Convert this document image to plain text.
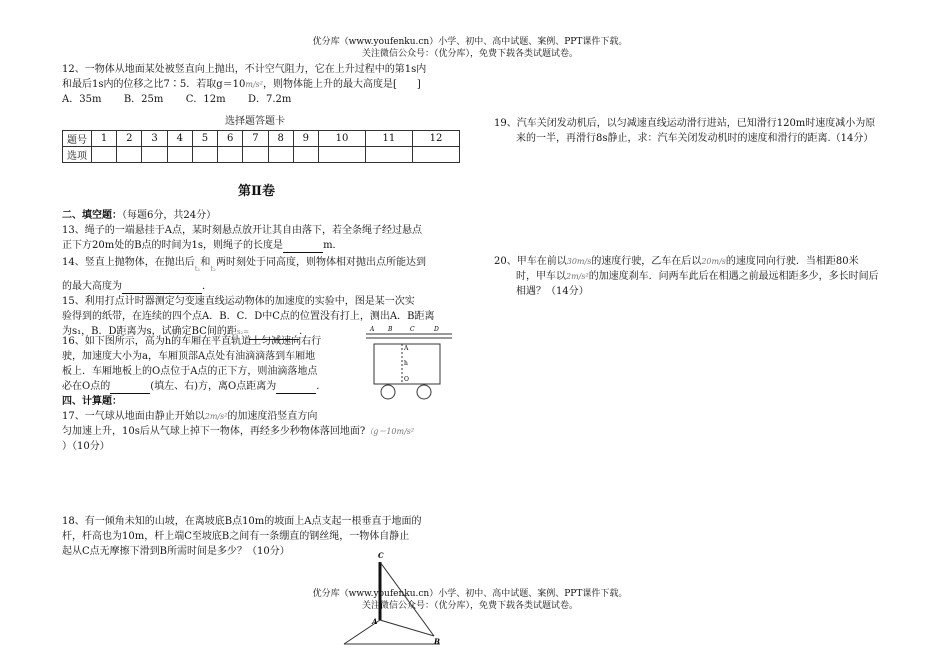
优分库（www.youfenku.cn）小学、初中、高中试题、案例、PPT课件下载。
关注微信公众号：（优分库），免费下载各类试题试卷。

12、一物体从地面某处被竖直向上抛出，不计空气阻力，它在上升过程中的第1s内

和最后1s内的位移之比7∶5．若取g＝10m/s²，则物体能上升的最大高度是[　　]

A．35m B．25m C．12m D．7.2m

选择题答题卡
题号	1	2	3	4	5	6	7	8	9	10	11	12
选项												
第Ⅱ卷

二、填空题：（每题6分，共24分）

13、绳子的一端悬挂于A点，某时刻悬点放开让其自由落下，若全条绳子经过悬点

正下方20m处的B点的时间为1s，则绳子的长度是	m．

14、竖直上抛物体，在抛出后$_{t_1}$和$_{t_2}$两时刻处于同高度，则物体相对抛出点所能达到

的最大高度为	．

15、利用打点计时器测定匀变速直线运动物体的加速度的实验中，图是某一次实

验得到的纸带，在连续的四个点A．B．C．D中C点的位置没有打上，测出A．B距离

为s₁，B．D距离为s，试确定BC间的距s₂=	．

16、如下图所示，高为h的车厢在平直轨道上匀减速向右行

驶，加速度大小为a，车厢顶部A点处有油滴滴落到车厢地

板上．车厢地板上的O点位于A点的正下方，则油滴落地点

必在O点的	(填左、右)方，离O点距离为	．

A B	C	D
A
h
O

四、计算题：

17、一气球从地面由静止开始以2m/s²的加速度沿竖直方向

匀加速上升，10s后从气球上掉下一物体，再经多少秒物体落回地面?（g＝10m/s²

）（10分）

18、有一倾角未知的山坡，在离坡底B点10m的坡面上A点支起一根垂直于地面的

杆，杆高也为10m，杆上端C至坡底B之间有一条绷直的钢丝绳，一物体自静止

起从C点无摩擦下滑到B所需时间是多少？（10分）

优分库（www.youfenku.cn）小学、初中、高中试题、案例、PPT课件下载。
关注微信公众号：（优分库），免费下载各类试题试卷。
C
A
B

19、汽车关闭发动机后，以匀减速直线运动滑行进站，已知滑行120m时速度减小为原

来的一半，再滑行8s静止，求：汽车关闭发动机时的速度和滑行的距离.（14分）

20、甲车在前以30m/s的速度行驶，乙车在后以20m/s的速度同向行驶．当相距80米

时，甲车以2m/s²的加速度刹车．问两车此后在相遇之前最远相距多少，多长时间后

相遇？（14分）
